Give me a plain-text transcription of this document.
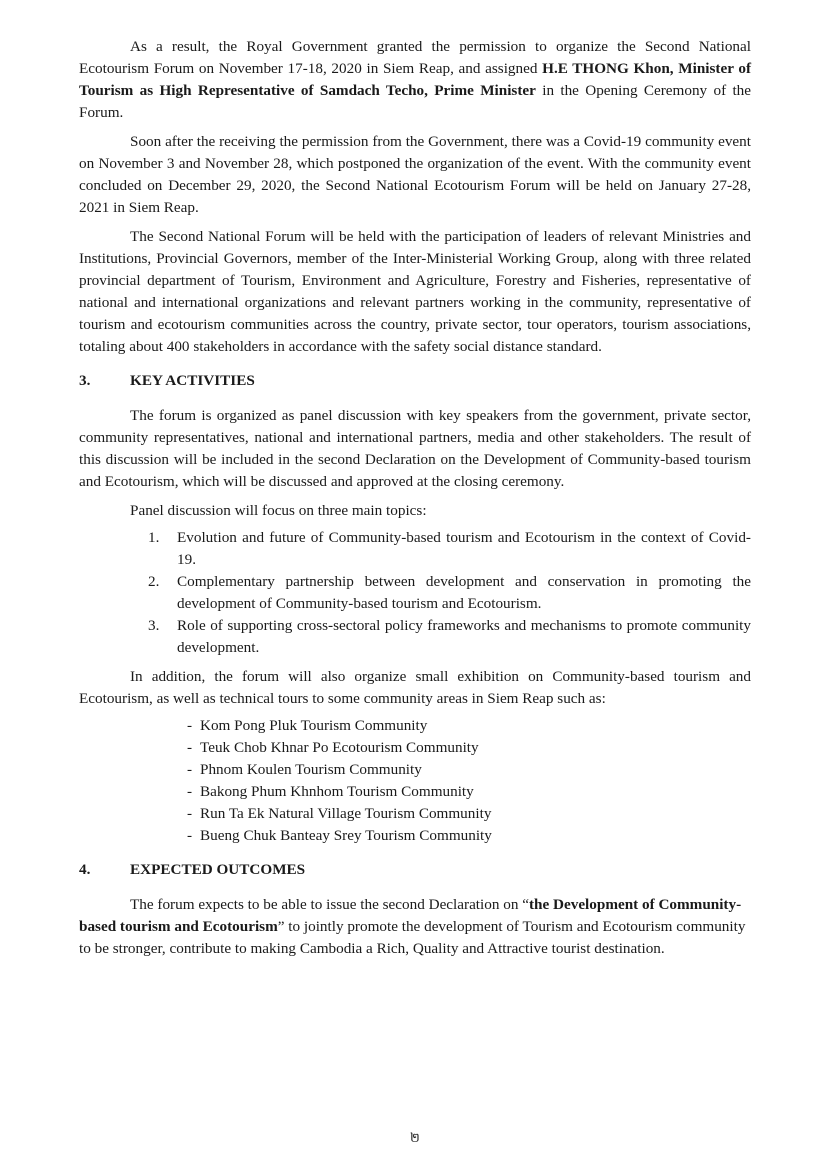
As a result, the Royal Government granted the permission to organize the Second National Ecotourism Forum on November 17-18, 2020 in Siem Reap, and assigned H.E THONG Khon, Minister of Tourism as High Representative of Samdach Techo, Prime Minister in the Opening Ceremony of the Forum.

Soon after the receiving the permission from the Government, there was a Covid-19 community event on November 3 and November 28, which postponed the organization of the event. With the community event concluded on December 29, 2020, the Second National Ecotourism Forum will be held on January 27-28, 2021 in Siem Reap.

The Second National Forum will be held with the participation of leaders of relevant Ministries and Institutions, Provincial Governors, member of the Inter-Ministerial Working Group, along with three related provincial department of Tourism, Environment and Agriculture, Forestry and Fisheries, representative of national and international organizations and relevant partners working in the community, representative of tourism and ecotourism communities across the country, private sector, tour operators, tourism associations, totaling about 400 stakeholders in accordance with the safety social distance standard.

3.	KEY ACTIVITIES

The forum is organized as panel discussion with key speakers from the government, private sector, community representatives, national and international partners, media and other stakeholders. The result of this discussion will be included in the second Declaration on the Development of Community-based tourism and Ecotourism, which will be discussed and approved at the closing ceremony.

Panel discussion will focus on three main topics:

1.	Evolution and future of Community-based tourism and Ecotourism in the context of Covid-19.
2.	Complementary partnership between development and conservation in promoting the development of Community-based tourism and Ecotourism.
3.	Role of supporting cross-sectoral policy frameworks and mechanisms to promote community development.

In addition, the forum will also organize small exhibition on Community-based tourism and Ecotourism, as well as technical tours to some community areas in Siem Reap such as:

- Kom Pong Pluk Tourism Community
- Teuk Chob Khnar Po Ecotourism Community
- Phnom Koulen Tourism Community
- Bakong Phum Khnhom Tourism Community
- Run Ta Ek Natural Village Tourism Community
- Bueng Chuk Banteay Srey Tourism Community
4.	EXPECTED OUTCOMES

The forum expects to be able to issue the second Declaration on “the Development of Community-based tourism and Ecotourism” to jointly promote the development of Tourism and Ecotourism community to be stronger, contribute to making Cambodia a Rich, Quality and Attractive tourist destination.

២
